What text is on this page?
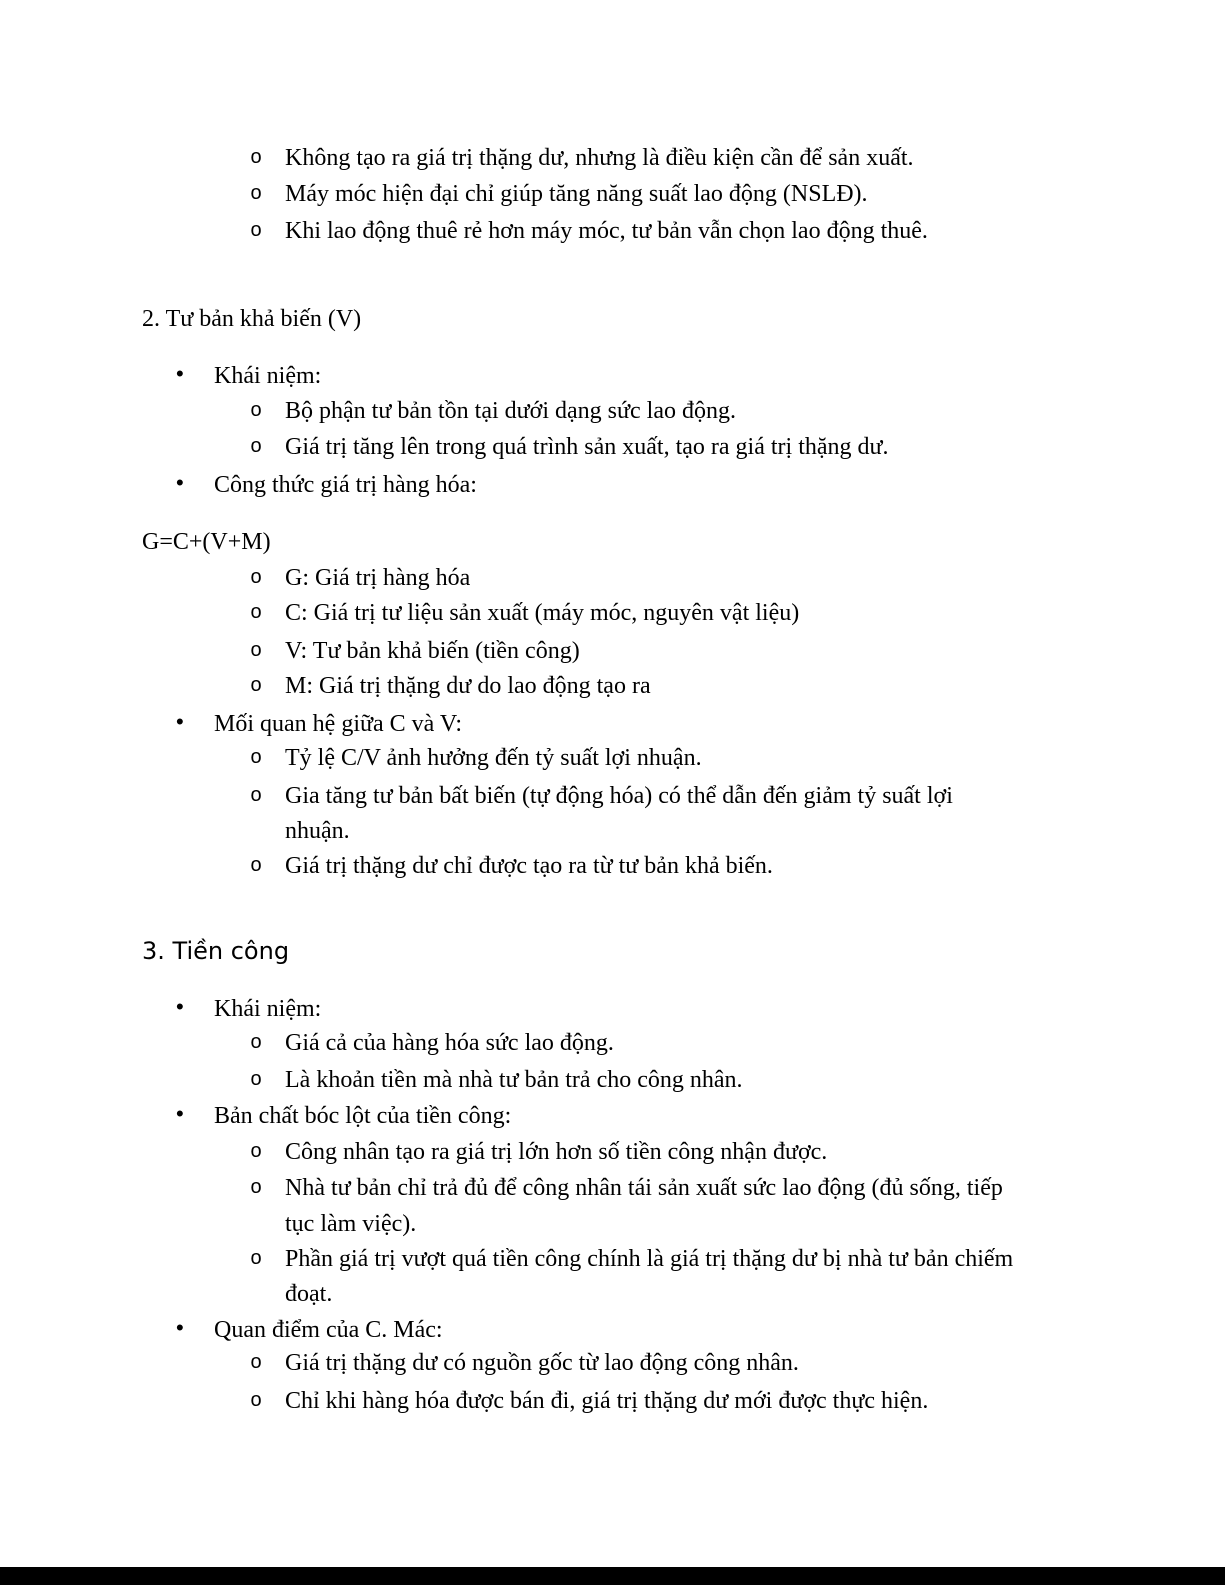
o Không tạo ra giá trị thặng dư, nhưng là điều kiện cần để sản xuất.
o Máy móc hiện đại chỉ giúp tăng năng suất lao động (NSLĐ).
o Khi lao động thuê rẻ hơn máy móc, tư bản vẫn chọn lao động thuê.
2. Tư bản khả biến (V)
• Khái niệm:
o Bộ phận tư bản tồn tại dưới dạng sức lao động.
o Giá trị tăng lên trong quá trình sản xuất, tạo ra giá trị thặng dư.
• Công thức giá trị hàng hóa:
G=C+(V+M)
o G: Giá trị hàng hóa
o C: Giá trị tư liệu sản xuất (máy móc, nguyên vật liệu)
o V: Tư bản khả biến (tiền công)
o M: Giá trị thặng dư do lao động tạo ra
• Mối quan hệ giữa C và V:
o Tỷ lệ C/V ảnh hưởng đến tỷ suất lợi nhuận.
o Gia tăng tư bản bất biến (tự động hóa) có thể dẫn đến giảm tỷ suất lợi
nhuận.
o Giá trị thặng dư chỉ được tạo ra từ tư bản khả biến.
3. Tiền công
• Khái niệm:
o Giá cả của hàng hóa sức lao động.
o Là khoản tiền mà nhà tư bản trả cho công nhân.
• Bản chất bóc lột của tiền công:
o Công nhân tạo ra giá trị lớn hơn số tiền công nhận được.
o Nhà tư bản chỉ trả đủ để công nhân tái sản xuất sức lao động (đủ sống, tiếp
tục làm việc).
o Phần giá trị vượt quá tiền công chính là giá trị thặng dư bị nhà tư bản chiếm
đoạt.
• Quan điểm của C. Mác:
o Giá trị thặng dư có nguồn gốc từ lao động công nhân.
o Chỉ khi hàng hóa được bán đi, giá trị thặng dư mới được thực hiện.
